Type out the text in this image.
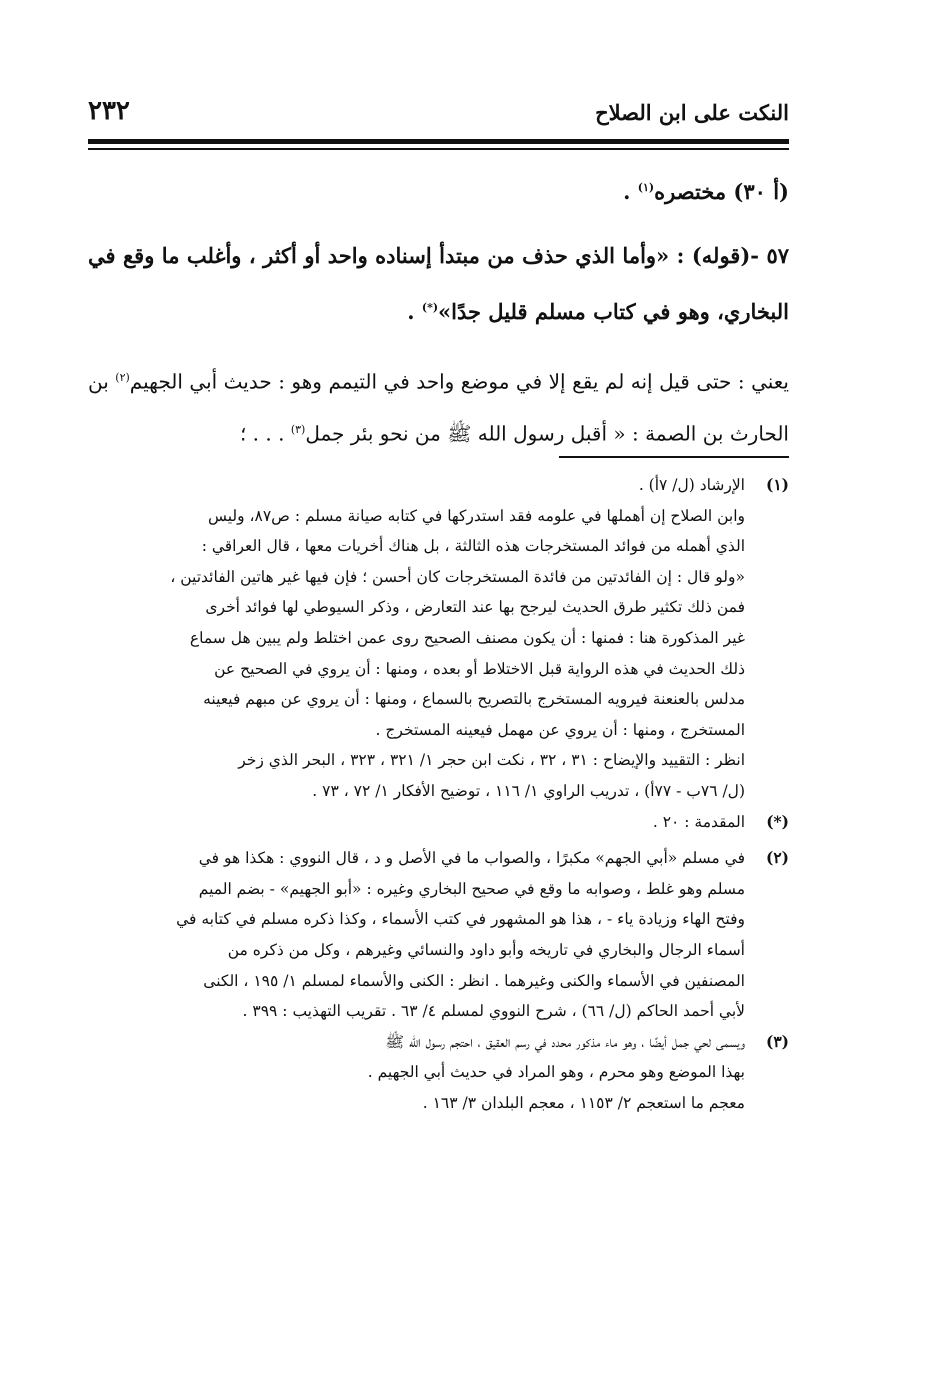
النكت على ابن الصلاح
٢٣٢

(أ ٣٠) مختصره$^{(١)}$ .

٥٧ -(قوله) : «وأما الذي حذف من مبتدأ إسناده واحد أو أكثر ، وأغلب ما وقع في البخاري، وهو في كتاب مسلم قليل جدًا»(*) .

يعني : حتى قيل إنه لم يقع إلا في موضع واحد في التيمم وهو : حديث أبي الجهيم$^{(٢)}$ بن الحارث بن الصمة : « أقبل رسول الله ﷺ من نحو بئر جمل$^{(٣)}$ . . . ؛

(١)
الإرشاد (ل/ ٧أ) .
وابن الصلاح إن أهملها في علومه فقد استدركها في كتابه صيانة مسلم : ص٨٧، وليس
الذي أهمله من فوائد المستخرجات هذه الثالثة ، بل هناك أخريات معها ، قال العراقي :
«ولو قال : إن الفائدتين من فائدة المستخرجات كان أحسن ؛ فإن فيها غير هاتين الفائدتين ،
فمن ذلك تكثير طرق الحديث ليرجح بها عند التعارض ، وذكر السيوطي لها فوائد أخرى
غير المذكورة هنا : فمنها : أن يكون مصنف الصحيح روى عمن اختلط ولم يبين هل سماع
ذلك الحديث في هذه الرواية قبل الاختلاط أو بعده ، ومنها : أن يروي في الصحيح عن
مدلس بالعنعنة فيرويه المستخرج بالتصريح بالسماع ، ومنها : أن يروي عن مبهم فيعينه
المستخرج ، ومنها : أن يروي عن مهمل فيعينه المستخرج .
انظر : التقييد والإيضاح : ٣١ ، ٣٢ ، نكت ابن حجر ١/ ٣٢١ ، ٣٢٣ ، البحر الذي زخر
(ل/ ٧٦ب - ٧٧أ) ، تدريب الراوي ١/ ١١٦ ، توضيح الأفكار ١/ ٧٢ ، ٧٣ .
(*)
المقدمة : ٢٠ .
(٢)
في مسلم «أبي الجهم» مكبرًا ، والصواب ما في الأصل و د ، قال النووي : هكذا هو في
مسلم وهو غلط ، وصوابه ما وقع في صحيح البخاري وغيره : «أبو الجهيم» - بضم الميم
وفتح الهاء وزيادة ياء - ، هذا هو المشهور في كتب الأسماء ، وكذا ذكره مسلم في كتابه في
أسماء الرجال والبخاري في تاريخه وأبو داود والنسائي وغيرهم ، وكل من ذكره من
المصنفين في الأسماء والكنى وغيرهما . انظر : الكنى والأسماء لمسلم ١/ ١٩٥ ، الكنى
لأبي أحمد الحاكم (ل/ ٦٦) ، شرح النووي لمسلم ٤/ ٦٣ . تقريب التهذيب : ٣٩٩ .
(٣)
ويسمى لحي جمل أيضًا ، وهو ماء مذكور محدد في رسم العقيق ، احتجم رسول الله ﷺ
بهذا الموضع وهو محرم ، وهو المراد في حديث أبي الجهيم .
معجم ما استعجم ٢/ ١١٥٣ ، معجم البلدان ٣/ ١٦٣ .
